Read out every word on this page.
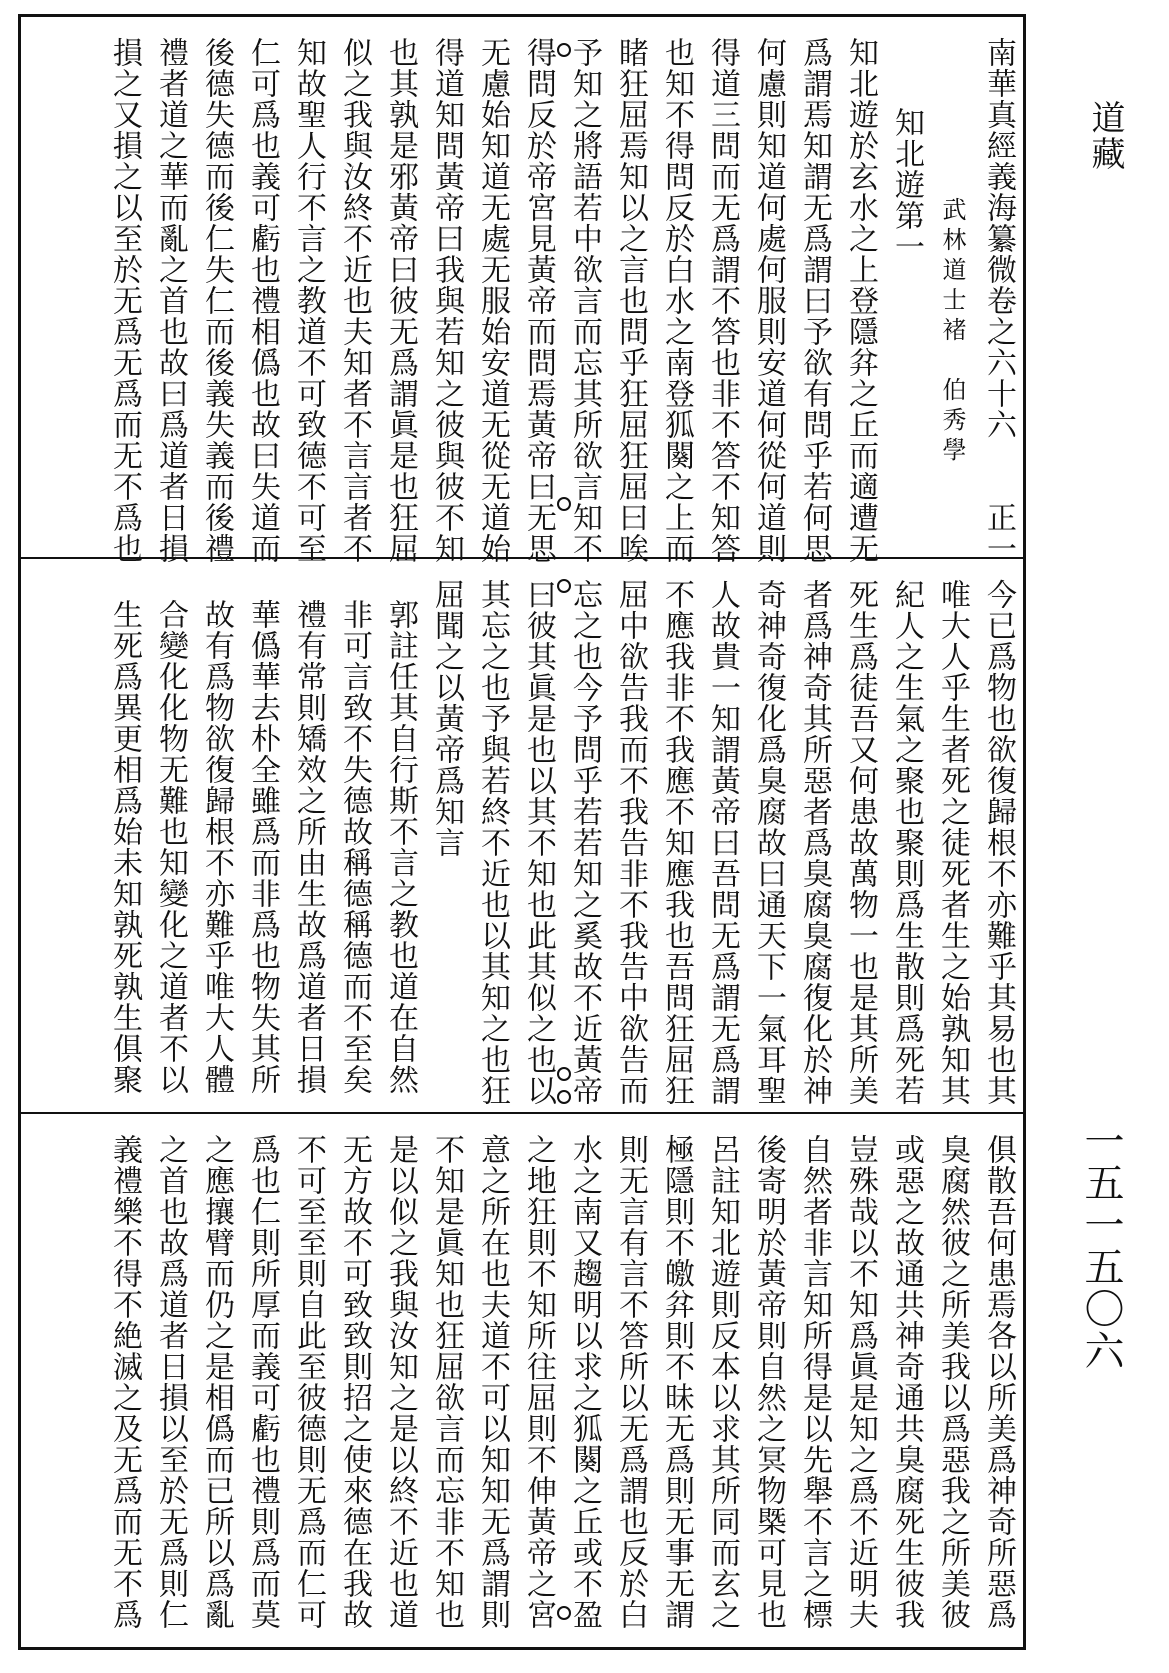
南華真經義海纂微卷之六十六　　正一
　　武林道士褚　伯秀學
知北遊第一
知北遊於玄水之上登隱弅之丘而適遭无
爲謂焉知謂无爲謂曰予欲有問乎若何思
何慮則知道何處何服則安道何從何道則
得道三問而无爲謂不答也非不答不知答
也知不得問反於白水之南登狐闋之上而
睹狂屈焉知以之言也問乎狂屈狂屈曰唉
予知之將語若中欲言而忘其所欲言知不
得問反於帝宮見黃帝而問焉黃帝曰无思
无慮始知道无處无服始安道无從无道始
得道知問黃帝曰我與若知之彼與彼不知
也其孰是邪黃帝曰彼无爲謂眞是也狂屈
似之我與汝終不近也夫知者不言言者不
知故聖人行不言之教道不可致德不可至
仁可爲也義可虧也禮相僞也故曰失道而
後德失德而後仁失仁而後義失義而後禮
禮者道之華而亂之首也故曰爲道者日損
損之又損之以至於无爲无爲而无不爲也
今已爲物也欲復歸根不亦難乎其易也其
唯大人乎生者死之徒死者生之始孰知其
紀人之生氣之聚也聚則爲生散則爲死若
死生爲徒吾又何患故萬物一也是其所美
者爲神奇其所惡者爲臭腐臭腐復化於神
奇神奇復化爲臭腐故曰通天下一氣耳聖
人故貴一知謂黃帝曰吾問无爲謂无爲謂
不應我非不我應不知應我也吾問狂屈狂
屈中欲告我而不我告非不我告中欲告而
忘之也今予問乎若若知之奚故不近黃帝
曰彼其眞是也以其不知也此其似之也以
其忘之也予與若終不近也以其知之也狂
屈聞之以黃帝爲知言
郭註任其自行斯不言之教也道在自然
非可言致不失德故稱德稱德而不至矣
禮有常則矯效之所由生故爲道者日損
華僞華去朴全雖爲而非爲也物失其所
故有爲物欲復歸根不亦難乎唯大人體
合變化化物无難也知變化之道者不以
生死爲異更相爲始未知孰死孰生俱聚
俱散吾何患焉各以所美爲神奇所惡爲
臭腐然彼之所美我以爲惡我之所美彼
或惡之故通共神奇通共臭腐死生彼我
豈殊哉以不知爲眞是知之爲不近明夫
自然者非言知所得是以先舉不言之標
後寄明於黃帝則自然之冥物槩可見也
呂註知北遊則反本以求其所同而玄之
極隱則不皦弅則不昧无爲則无事无謂
則无言有言不答所以无爲謂也反於白
水之南又趨明以求之狐闋之丘或不盈
之地狂則不知所往屈則不伸黃帝之宮
意之所在也夫道不可以知知无爲謂則
不知是眞知也狂屈欲言而忘非不知也
是以似之我與汝知之是以終不近也道
无方故不可致致則招之使來德在我故
不可至至則自此至彼德則无爲而仁可
爲也仁則所厚而義可虧也禮則爲而莫
之應攘臂而仍之是相僞而已所以爲亂
之首也故爲道者日損以至於无爲則仁
義禮樂不得不絶滅之及无爲而无不爲
道藏
一五一五〇六
